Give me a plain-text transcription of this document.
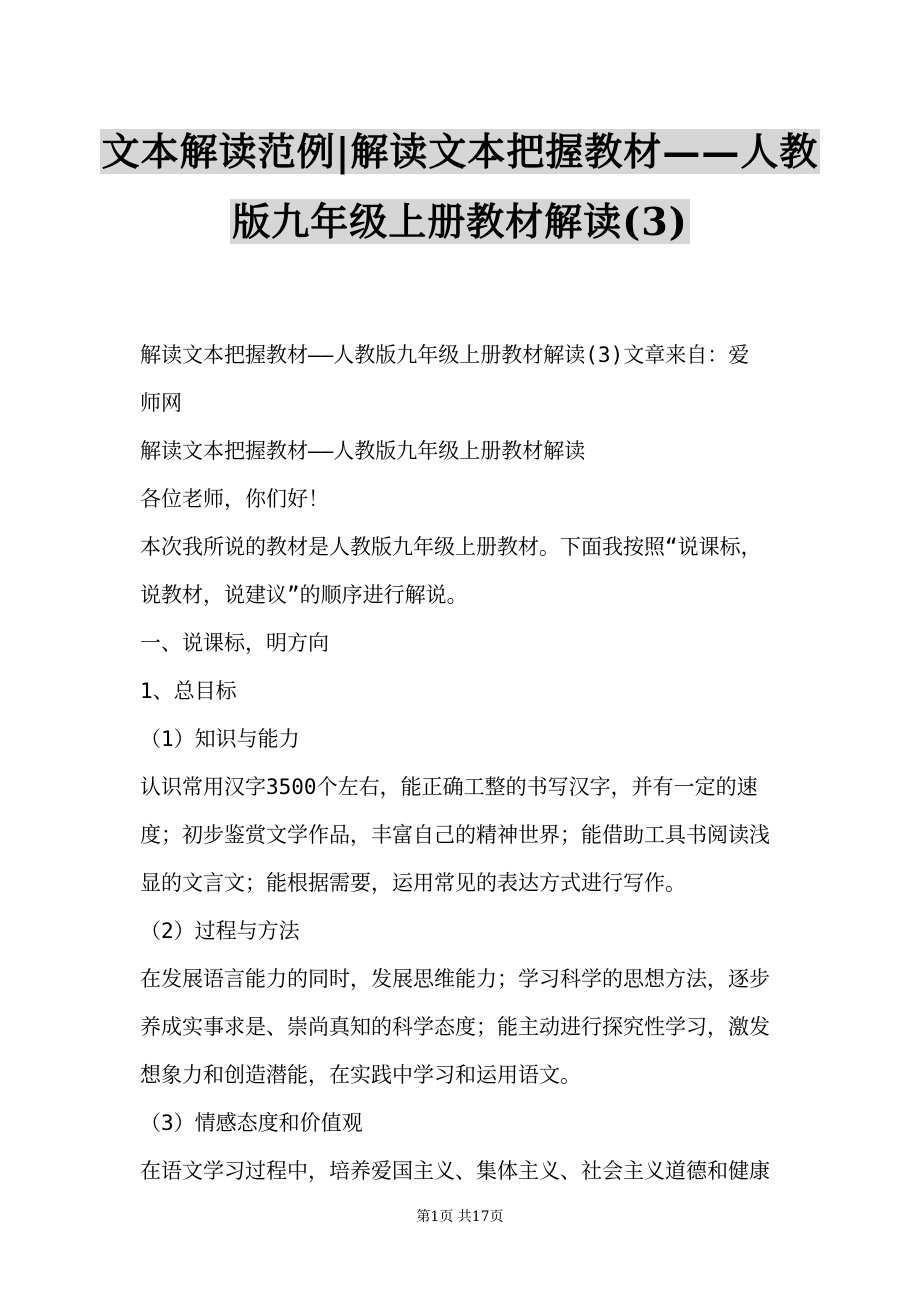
文本解读范例|解读文本把握教材——人教
版九年级上册教材解读(3)
解读文本把握教材——人教版九年级上册教材解读(3)文章来自：爱
师网
解读文本把握教材——人教版九年级上册教材解读
各位老师，你们好！
本次我所说的教材是人教版九年级上册教材。下面我按照“说课标，
说教材，说建议”的顺序进行解说。
一、说课标，明方向
1、总目标
（1）知识与能力
认识常用汉字3500个左右，能正确工整的书写汉字，并有一定的速
度；初步鉴赏文学作品，丰富自己的精神世界；能借助工具书阅读浅
显的文言文；能根据需要，运用常见的表达方式进行写作。
（2）过程与方法
在发展语言能力的同时，发展思维能力；学习科学的思想方法，逐步
养成实事求是、崇尚真知的科学态度；能主动进行探究性学习，激发
想象力和创造潜能，在实践中学习和运用语文。
（3）情感态度和价值观
在语文学习过程中，培养爱国主义、集体主义、社会主义道德和健康
第1页 共17页
